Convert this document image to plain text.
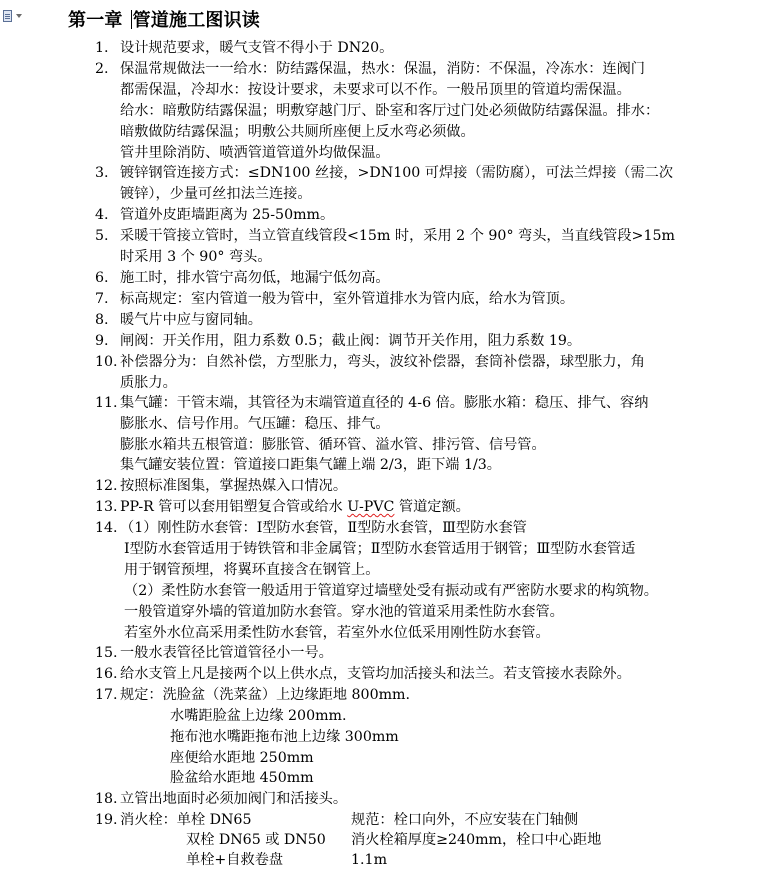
第一章 管道施工图识读
1. 设计规范要求，暖气支管不得小于 DN20。
2. 保温常规做法一一给水：防结露保温，热水：保温，消防：不保温，冷冻水：连阀门
都需保温，冷却水：按设计要求，未要求可以不作。一般吊顶里的管道均需保温。
给水：暗敷防结露保温；明敷穿越门厅、卧室和客厅过门处必须做防结露保温。排水：
暗敷做防结露保温；明敷公共厕所座便上反水弯必须做。
管井里除消防、喷洒管道管道外均做保温。
3. 镀锌钢管连接方式：≤DN100 丝接，>DN100 可焊接（需防腐），可法兰焊接（需二次
镀锌），少量可丝扣法兰连接。
4. 管道外皮距墙距离为 25-50mm。
5. 采暖干管接立管时，当立管直线管段<15m 时，采用 2 个 90° 弯头，当直线管段>15m
时采用 3 个 90° 弯头。
6. 施工时，排水管宁高勿低，地漏宁低勿高。
7. 标高规定：室内管道一般为管中，室外管道排水为管内底，给水为管顶。
8. 暖气片中应与窗同轴。
9. 闸阀：开关作用，阻力系数 0.5；截止阀：调节开关作用，阻力系数 19。
10. 补偿器分为：自然补偿，方型胀力，弯头，波纹补偿器，套筒补偿器，球型胀力，角
质胀力。
11. 集气罐：干管末端，其管径为末端管道直径的 4-6 倍。膨胀水箱：稳压、排气、容纳
膨胀水、信号作用。气压罐：稳压、排气。
膨胀水箱共五根管道：膨胀管、循环管、溢水管、排污管、信号管。
集气罐安装位置：管道接口距集气罐上端 2/3，距下端 1/3。
12. 按照标准图集，掌握热媒入口情况。
13. PP-R 管可以套用铝塑复合管或给水 U-PVC 管道定额。
14. （1）刚性防水套管：Ⅰ型防水套管，Ⅱ型防水套管，Ⅲ型防水套管
Ⅰ型防水套管适用于铸铁管和非金属管；Ⅱ型防水套管适用于钢管；Ⅲ型防水套管适
用于钢管预埋，将翼环直接含在钢管上。
（2）柔性防水套管一般适用于管道穿过墙壁处受有振动或有严密防水要求的构筑物。
一般管道穿外墙的管道加防水套管。穿水池的管道采用柔性防水套管。
若室外水位高采用柔性防水套管，若室外水位低采用刚性防水套管。
15. 一般水表管径比管道管径小一号。
16. 给水支管上凡是接两个以上供水点，支管均加活接头和法兰。若支管接水表除外。
17. 规定：洗脸盆（洗菜盆）上边缘距地 800mm.
水嘴距脸盆上边缘 200mm.
拖布池水嘴距拖布池上边缘 300mm
座便给水距地 250mm
脸盆给水距地 450mm
18. 立管出地面时必须加阀门和活接头。
19. 消火栓：单栓 DN65
双栓 DN65 或 DN50
单栓+自救卷盘
规范：栓口向外，不应安装在门轴侧
消火栓箱厚度≥240mm，栓口中心距地
1.1m
